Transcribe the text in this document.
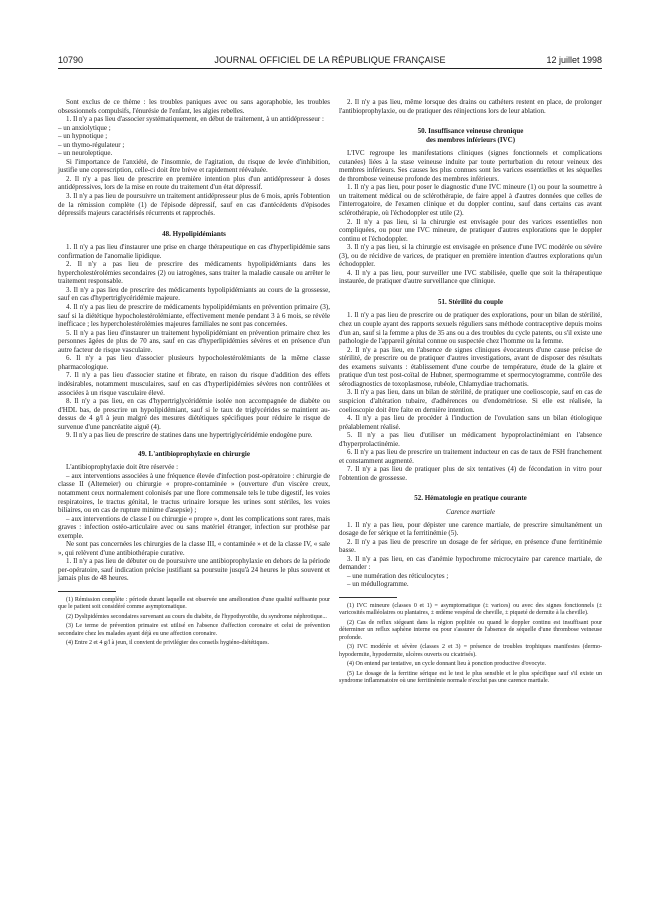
10790	JOURNAL OFFICIEL DE LA RÉPUBLIQUE FRANÇAISE	12 juillet 1998

Sont exclus de ce thème : les troubles paniques avec ou sans agoraphobie, les troubles obsessionnels compulsifs, l'énurésie de l'enfant, les algies rebelles.

1. Il n'y a pas lieu d'associer systématiquement, en début de traitement, à un antidépresseur :

– un anxiolytique ;

– un hypnotique ;

– un thymo-régulateur ;

– un neuroleptique.

Si l'importance de l'anxiété, de l'insomnie, de l'agitation, du risque de levée d'inhibition, justifie une coprescription, celle-ci doit être brève et rapidement réévaluée.

2. Il n'y a pas lieu de prescrire en première intention plus d'un antidépresseur à doses antidépressives, lors de la mise en route du traitement d'un état dépressif.

3. Il n'y a pas lieu de poursuivre un traitement antidépresseur plus de 6 mois, après l'obtention de la rémission complète (1) de l'épisode dépressif, sauf en cas d'antécédents d'épisodes dépressifs majeurs caractérisés récurrents et rapprochés.

48. Hypolipidémiants

1. Il n'y a pas lieu d'instaurer une prise en charge thérapeutique en cas d'hyperlipidémie sans confirmation de l'anomalie lipidique.

2. Il n'y a pas lieu de prescrire des médicaments hypolipidémiants dans les hypercholestérolémies secondaires (2) ou iatrogènes, sans traiter la maladie causale ou arrêter le traitement responsable.

3. Il n'y a pas lieu de prescrire des médicaments hypolipidémiants au cours de la grossesse, sauf en cas d'hypertriglycéridémie majeure.

4. Il n'y a pas lieu de prescrire de médicaments hypolipidémiants en prévention primaire (3), sauf si la diététique hypocholestérolémiante, effectivement menée pendant 3 à 6 mois, se révèle inefficace ; les hypercholestérolémies majeures familiales ne sont pas concernées.

5. Il n'y a pas lieu d'instaurer un traitement hypolipidémiant en prévention primaire chez les personnes âgées de plus de 70 ans, sauf en cas d'hyperlipidémies sévères et en présence d'un autre facteur de risque vasculaire.

6. Il n'y a pas lieu d'associer plusieurs hypocholestérolémiants de la même classe pharmacologique.

7. Il n'y a pas lieu d'associer statine et fibrate, en raison du risque d'addition des effets indésirables, notamment musculaires, sauf en cas d'hyperlipidémies sévères non contrôlées et associées à un risque vasculaire élevé.

8. Il n'y a pas lieu, en cas d'hypertriglycéridémie isolée non accompagnée de diabète ou d'HDL bas, de prescrire un hypolipidémiant, sauf si le taux de triglycérides se maintient au-dessus de 4 g/l à jeun malgré des mesures diététiques spécifiques pour réduire le risque de survenue d'une pancréatite aiguë (4).

9. Il n'y a pas lieu de prescrire de statines dans une hypertriglycéridémie endogène pure.

49. L'antibioprophylaxie en chirurgie

L'antibioprophylaxie doit être réservée :

– aux interventions associées à une fréquence élevée d'infection post-opératoire : chirurgie de classe II (Altemeier) ou chirurgie « propre-contaminée » (ouverture d'un viscère creux, notamment ceux normalement colonisés par une flore commensale tels le tube digestif, les voies respiratoires, le tractus génital, le tractus urinaire lorsque les urines sont stériles, les voies biliaires, ou en cas de rupture minime d'asepsie) ;

– aux interventions de classe I ou chirurgie « propre », dont les complications sont rares, mais graves : infection ostéo-articulaire avec ou sans matériel étranger, infection sur prothèse par exemple.

Ne sont pas concernées les chirurgies de la classe III, « contaminée » et de la classe IV, « sale », qui relèvent d'une antibiothérapie curative.

1. Il n'y a pas lieu de débuter ou de poursuivre une antibioprophylaxie en dehors de la période per-opératoire, sauf indication précise justifiant sa poursuite jusqu'à 24 heures le plus souvent et jamais plus de 48 heures.

(1) Rémission complète : période durant laquelle est observée une amélioration d'une qualité suffisante pour que le patient soit considéré comme asymptomatique.

(2) Dyslipidémies secondaires survenant au cours du diabète, de l'hypothyroïdie, du syndrome néphrotique...

(3) Le terme de prévention primaire est utilisé en l'absence d'affection coronaire et celui de prévention secondaire chez les malades ayant déjà eu une affection coronaire.

(4) Entre 2 et 4 g/l à jeun, il convient de privilégier des conseils hygiéno-diététiques.

2. Il n'y a pas lieu, même lorsque des drains ou cathéters restent en place, de prolonger l'antibioprophylaxie, ou de pratiquer des réinjections lors de leur ablation.

50. Insuffisance veineuse chronique

des membres inférieurs (IVC)

L'IVC regroupe les manifestations cliniques (signes fonctionnels et complications cutanées) liées à la stase veineuse induite par toute perturbation du retour veineux des membres inférieurs. Ses causes les plus connues sont les varices essentielles et les séquelles de thrombose veineuse profonde des membres inférieurs.

1. Il n'y a pas lieu, pour poser le diagnostic d'une IVC mineure (1) ou pour la soumettre à un traitement médical ou de sclérothérapie, de faire appel à d'autres données que celles de l'interrogatoire, de l'examen clinique et du doppler continu, sauf dans certains cas avant sclérothérapie, où l'échodoppler est utile (2).

2. Il n'y a pas lieu, si la chirurgie est envisagée pour des varices essentielles non compliquées, ou pour une IVC mineure, de pratiquer d'autres explorations que le doppler continu et l'échodoppler.

3. Il n'y a pas lieu, si la chirurgie est envisagée en présence d'une IVC modérée ou sévère (3), ou de récidive de varices, de pratiquer en première intention d'autres explorations qu'un échodoppler.

4. Il n'y a pas lieu, pour surveiller une IVC stabilisée, quelle que soit la thérapeutique instaurée, de pratiquer d'autre surveillance que clinique.

51. Stérilité du couple

1. Il n'y a pas lieu de prescrire ou de pratiquer des explorations, pour un bilan de stérilité, chez un couple ayant des rapports sexuels réguliers sans méthode contraceptive depuis moins d'un an, sauf si la femme a plus de 35 ans ou a des troubles du cycle patents, ou s'il existe une pathologie de l'appareil génital connue ou suspectée chez l'homme ou la femme.

2. Il n'y a pas lieu, en l'absence de signes cliniques évocateurs d'une cause précise de stérilité, de prescrire ou de pratiquer d'autres investigations, avant de disposer des résultats des examens suivants : établissement d'une courbe de température, étude de la glaire et pratique d'un test post-coïtal de Hubner, spermogramme et spermocytogramme, contrôle des sérodiagnostics de toxoplasmose, rubéole, Chlamydiae trachomatis.

3. Il n'y a pas lieu, dans un bilan de stérilité, de pratiquer une coelioscopie, sauf en cas de suspicion d'altération tubaire, d'adhérences ou d'endométriose. Si elle est réalisée, la coelioscopie doit être faite en dernière intention.

4. Il n'y a pas lieu de procéder à l'induction de l'ovulation sans un bilan étiologique préalablement réalisé.

5. Il n'y a pas lieu d'utiliser un médicament hypoprolactinémiant en l'absence d'hyperprolactinémie.

6. Il n'y a pas lieu de prescrire un traitement inducteur en cas de taux de FSH franchement et constamment augmenté.

7. Il n'y a pas lieu de pratiquer plus de six tentatives (4) de fécondation in vitro pour l'obtention de grossesse.

52. Hématologie en pratique courante

Carence martiale

1. Il n'y a pas lieu, pour dépister une carence martiale, de prescrire simultanément un dosage de fer sérique et la ferritinémie (5).

2. Il n'y a pas lieu de prescrire un dosage de fer sérique, en présence d'une ferritinémie basse.

3. Il n'y a pas lieu, en cas d'anémie hypochrome microcytaire par carence martiale, de demander :

– une numération des réticulocytes ;

– un médullogramme.

(1) IVC mineure (classes 0 et 1) = asymptomatique (± varices) ou avec des signes fonctionnels (± varicosités malléolaires ou plantaires, ± œdème vespéral de cheville, ± piqueté de dermite à la cheville).

(2) Cas de reflux siégeant dans la région poplitée ou quand le doppler continu est insuffisant pour déterminer un reflux saphène interne ou pour s'assurer de l'absence de séquelle d'une thrombose veineuse profonde.

(3) IVC modérée et sévère (classes 2 et 3) = présence de troubles trophiques manifestes (dermo-hypodermite, hypodermite, ulcères ouverts ou cicatrisés).

(4) On entend par tentative, un cycle donnant lieu à ponction productive d'ovocyte.

(5) Le dosage de la ferritine sérique est le test le plus sensible et le plus spécifique sauf s'il existe un syndrome inflammatoire où une ferritinémie normale n'exclut pas une carence martiale.
